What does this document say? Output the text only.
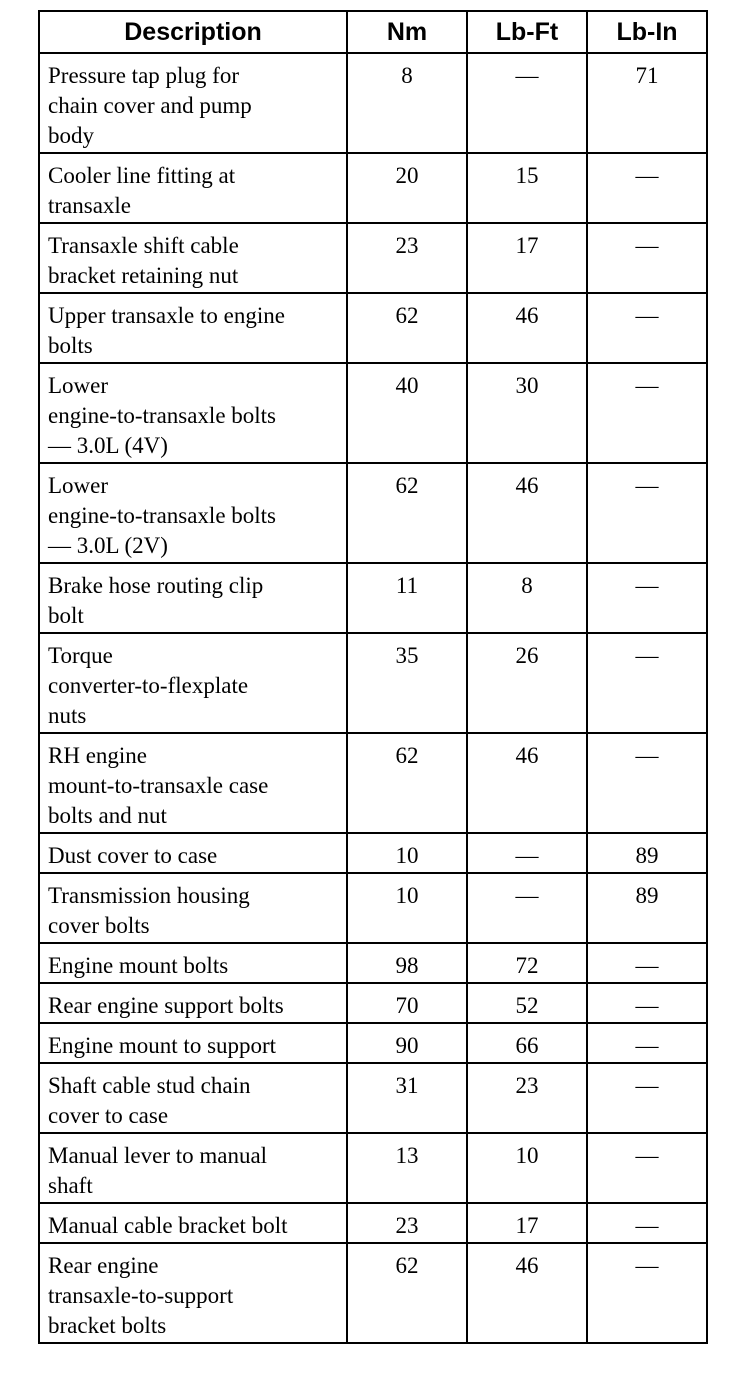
Description	Nm	Lb-Ft	Lb-In

Pressure tap plug for
chain cover and pump
body	8	—	71

Cooler line fitting at
transaxle	20	15	—

Transaxle shift cable
bracket retaining nut	23	17	—

Upper transaxle to engine
bolts	62	46	—

Lower
engine-to-transaxle bolts
— 3.0L (4V)	40	30	—

Lower
engine-to-transaxle bolts
— 3.0L (2V)	62	46	—

Brake hose routing clip
bolt	11	8	—

Torque
converter-to-flexplate
nuts	35	26	—

RH engine
mount-to-transaxle case
bolts and nut	62	46	—

Dust cover to case	10	—	89

Transmission housing
cover bolts	10	—	89

Engine mount bolts	98	72	—

Rear engine support bolts	70	52	—

Engine mount to support	90	66	—

Shaft cable stud chain
cover to case	31	23	—

Manual lever to manual
shaft	13	10	—

Manual cable bracket bolt	23	17	—

Rear engine
transaxle-to-support
bracket bolts	62	46	—
